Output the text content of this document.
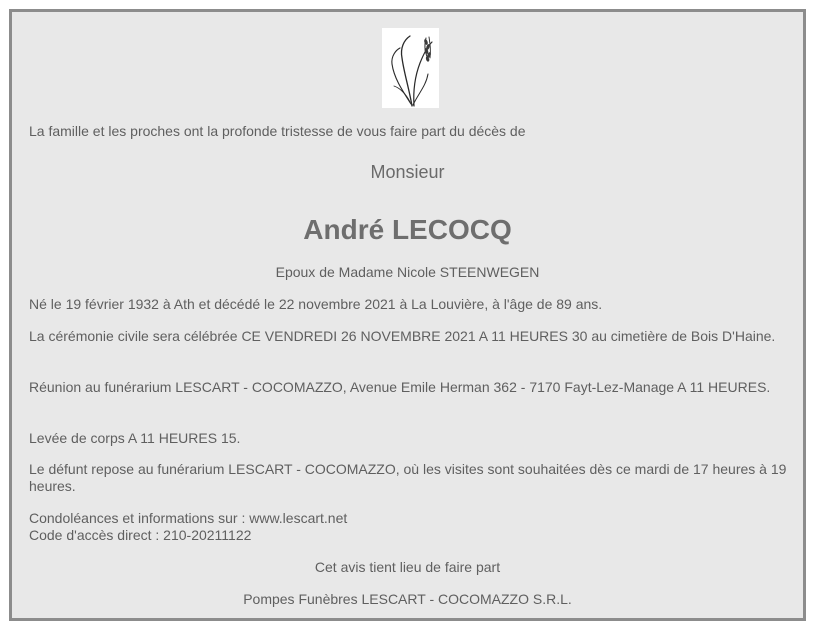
La famille et les proches ont la profonde tristesse de vous faire part du décès de
Monsieur
André LECOCQ
Epoux de Madame Nicole STEENWEGEN
Né le 19 février 1932 à Ath et décédé le 22 novembre 2021 à La Louvière, à l'âge de 89 ans.
La cérémonie civile sera célébrée CE VENDREDI 26 NOVEMBRE 2021 A 11 HEURES 30 au cimetière de Bois D'Haine.
Réunion au funérarium LESCART - COCOMAZZO, Avenue Emile Herman 362 - 7170 Fayt-Lez-Manage A 11 HEURES.
Levée de corps A 11 HEURES 15.
Le défunt repose au funérarium LESCART - COCOMAZZO, où les visites sont souhaitées dès ce mardi de 17 heures à 19 heures.
Condoléances et informations sur : www.lescart.net
Code d'accès direct : 210-20211122
Cet avis tient lieu de faire part
Pompes Funèbres LESCART - COCOMAZZO S.R.L.
